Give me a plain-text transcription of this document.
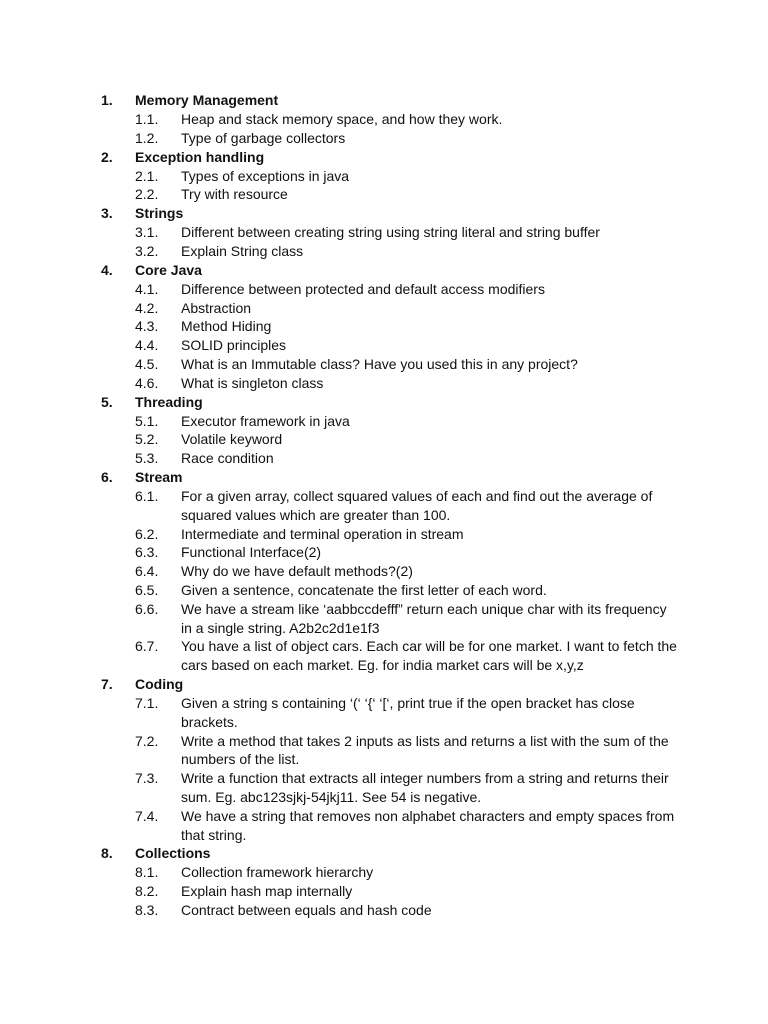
1. Memory Management
1.1. Heap and stack memory space, and how they work.
1.2. Type of garbage collectors
2. Exception handling
2.1. Types of exceptions in java
2.2. Try with resource
3. Strings
3.1. Different between creating string using string literal and string buffer
3.2. Explain String class
4. Core Java
4.1. Difference between protected and default access modifiers
4.2. Abstraction
4.3. Method Hiding
4.4. SOLID principles
4.5. What is an Immutable class? Have you used this in any project?
4.6. What is singleton class
5. Threading
5.1. Executor framework in java
5.2. Volatile keyword
5.3. Race condition
6. Stream
6.1. For a given array, collect squared values of each and find out the average of squared values which are greater than 100.
6.2. Intermediate and terminal operation in stream
6.3. Functional Interface(2)
6.4. Why do we have default methods?(2)
6.5. Given a sentence, concatenate the first letter of each word.
6.6. We have a stream like ‘aabbccdefff” return each unique char with its frequency in a single string. A2b2c2d1e1f3
6.7. You have a list of object cars. Each car will be for one market. I want to fetch the cars based on each market. Eg. for india market cars will be x,y,z
7. Coding
7.1. Given a string s containing ‘(‘ ‘{‘ ‘[‘, print true if the open bracket has close brackets.
7.2. Write a method that takes 2 inputs as lists and returns a list with the sum of the numbers of the list.
7.3. Write a function that extracts all integer numbers from a string and returns their sum. Eg. abc123sjkj-54jkj11. See 54 is negative.
7.4. We have a string that removes non alphabet characters and empty spaces from that string.
8. Collections
8.1. Collection framework hierarchy
8.2. Explain hash map internally
8.3. Contract between equals and hash code
